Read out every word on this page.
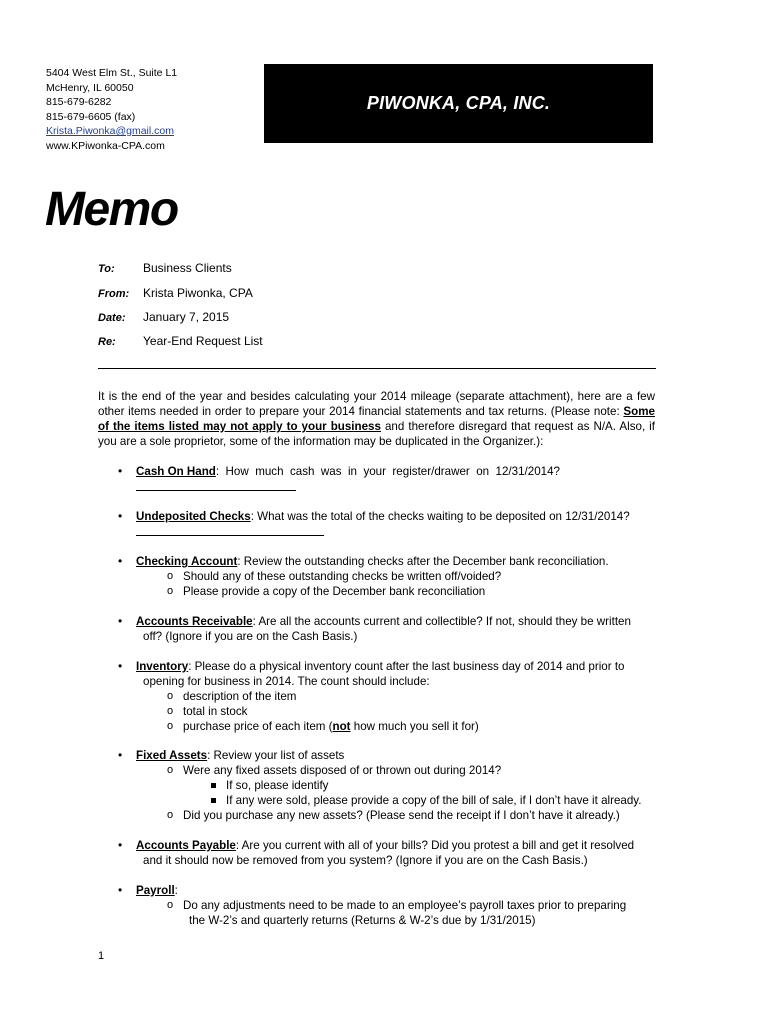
5404 West Elm St., Suite L1
McHenry, IL 60050
815-679-6282
815-679-6605 (fax)
Krista.Piwonka@gmail.com
www.KPiwonka-CPA.com
PIWONKA, CPA, INC.
Memo
To: Business Clients
From: Krista Piwonka, CPA
Date: January 7, 2015
Re: Year-End Request List
It is the end of the year and besides calculating your 2014 mileage (separate attachment), here are a few other items needed in order to prepare your 2014 financial statements and tax returns. (Please note: Some of the items listed may not apply to your business and therefore disregard that request as N/A. Also, if you are a sole proprietor, some of the information may be duplicated in the Organizer.):
• Cash On Hand:  How  much  cash  was  in  your  register/drawer  on  12/31/2014?
• Undeposited Checks: What was the total of the checks waiting to be deposited on 12/31/2014?
• Checking Account: Review the outstanding checks after the December bank reconciliation.
o Should any of these outstanding checks be written off/voided?
o Please provide a copy of the December bank reconciliation
• Accounts Receivable: Are all the accounts current and collectible? If not, should they be written
off? (Ignore if you are on the Cash Basis.)
• Inventory: Please do a physical inventory count after the last business day of 2014 and prior to
opening for business in 2014. The count should include:
o description of the item
o total in stock
o purchase price of each item (not how much you sell it for)
• Fixed Assets: Review your list of assets
o Were any fixed assets disposed of or thrown out during 2014?
If so, please identify
If any were sold, please provide a copy of the bill of sale, if I don’t have it already.
o Did you purchase any new assets? (Please send the receipt if I don’t have it already.)
• Accounts Payable: Are you current with all of your bills? Did you protest a bill and get it resolved
and it should now be removed from you system? (Ignore if you are on the Cash Basis.)
• Payroll:
o Do any adjustments need to be made to an employee’s payroll taxes prior to preparing
the W-2’s and quarterly returns (Returns & W-2’s due by 1/31/2015)
1
